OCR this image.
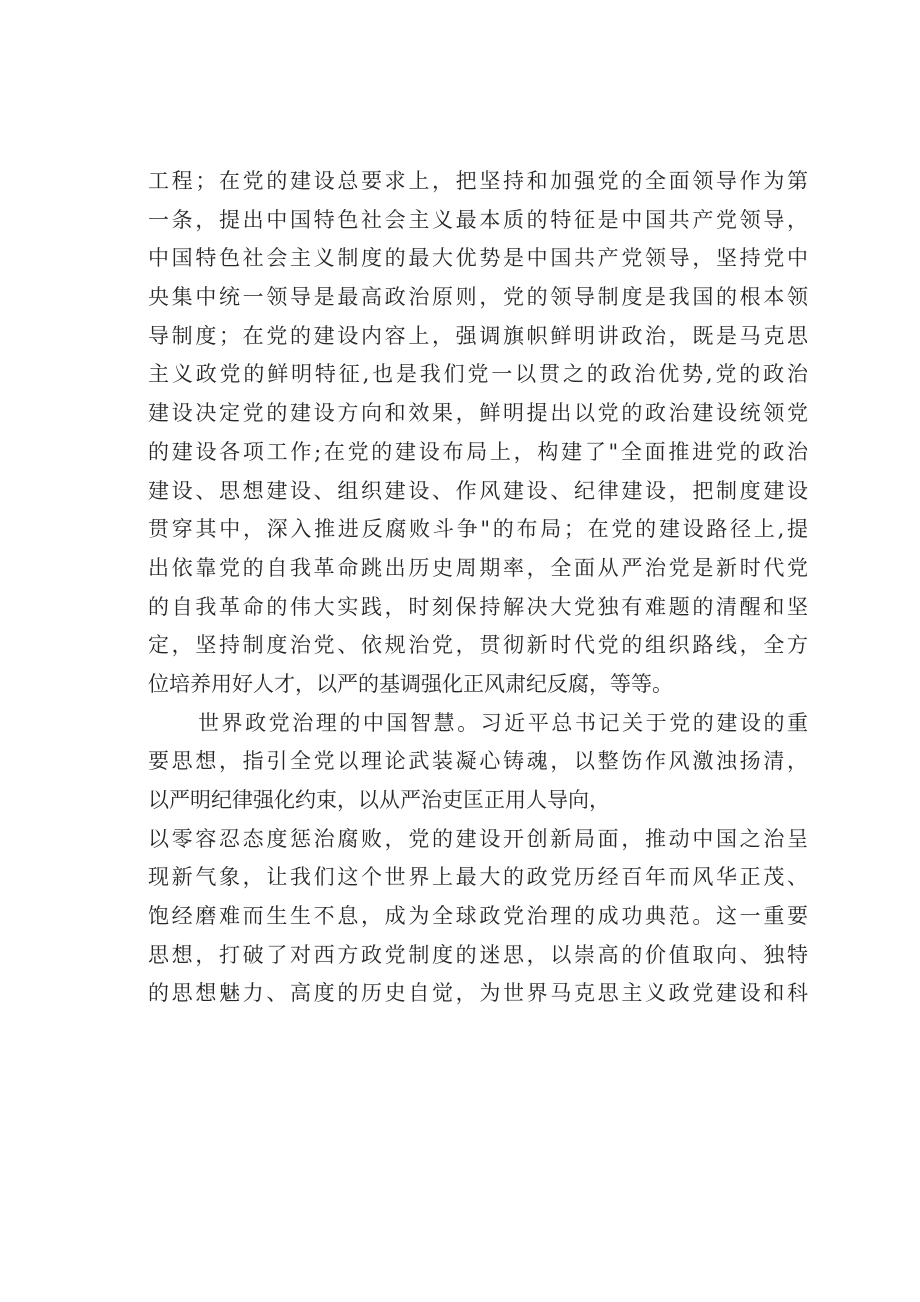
工程；在党的建设总要求上，把坚持和加强党的全面领导作为第
一条，提出中国特色社会主义最本质的特征是中国共产党领导，
中国特色社会主义制度的最大优势是中国共产党领导，坚持党中
央集中统一领导是最高政治原则，党的领导制度是我国的根本领
导制度；在党的建设内容上，强调旗帜鲜明讲政治，既是马克思
主义政党的鲜明特征,也是我们党一以贯之的政治优势,党的政治
建设决定党的建设方向和效果，鲜明提出以党的政治建设统领党
的建设各项工作;在党的建设布局上，构建了"全面推进党的政治
建设、思想建设、组织建设、作风建设、纪律建设，把制度建设
贯穿其中，深入推进反腐败斗争"的布局；在党的建设路径上,提
出依靠党的自我革命跳出历史周期率，全面从严治党是新时代党
的自我革命的伟大实践，时刻保持解决大党独有难题的清醒和坚
定，坚持制度治党、依规治党，贯彻新时代党的组织路线，全方
位培养用好人才，以严的基调强化正风肃纪反腐，等等。
世界政党治理的中国智慧。习近平总书记关于党的建设的重
要思想，指引全党以理论武装凝心铸魂，以整饬作风激浊扬清，
以严明纪律强化约束，以从严治吏匡正用人导向，
以零容忍态度惩治腐败，党的建设开创新局面，推动中国之治呈
现新气象，让我们这个世界上最大的政党历经百年而风华正茂、
饱经磨难而生生不息，成为全球政党治理的成功典范。这一重要
思想，打破了对西方政党制度的迷思，以崇高的价值取向、独特
的思想魅力、高度的历史自觉，为世界马克思主义政党建设和科
